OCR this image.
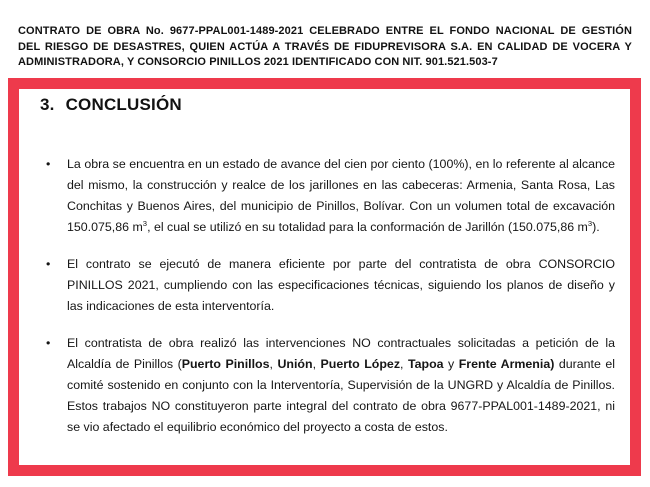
CONTRATO DE OBRA No. 9677-PPAL001-1489-2021 CELEBRADO ENTRE EL FONDO NACIONAL DE GESTIÓN
DEL RIESGO DE DESASTRES, QUIEN ACTÚA A TRAVÉS DE FIDUPREVISORA S.A. EN CALIDAD DE VOCERA Y
ADMINISTRADORA, Y CONSORCIO PINILLOS 2021 IDENTIFICADO CON NIT. 901.521.503-7
3. CONCLUSIÓN
•	La obra se encuentra en un estado de avance del cien por ciento (100%), en lo referente al alcance del mismo, la construcción y realce de los jarillones en las cabeceras: Armenia, Santa Rosa, Las Conchitas y Buenos Aires, del municipio de Pinillos, Bolívar. Con un volumen total de excavación 150.075,86 $m^3$, el cual se utilizó en su totalidad para la conformación de Jarillón (150.075,86 $m^3$).

•	El contrato se ejecutó de manera eficiente por parte del contratista de obra CONSORCIO PINILLOS 2021, cumpliendo con las especificaciones técnicas, siguiendo los planos de diseño y las indicaciones de esta interventoría.

•	El contratista de obra realizó las intervenciones NO contractuales solicitadas a petición de la Alcaldía de Pinillos (Puerto Pinillos, Unión, Puerto López, Tapoa y Frente Armenia) durante el comité sostenido en conjunto con la Interventoría, Supervisión de la UNGRD y Alcaldía de Pinillos. Estos trabajos NO constituyeron parte integral del contrato de obra 9677-PPAL001-1489-2021, ni se vio afectado el equilibrio económico del proyecto a costa de estos.
